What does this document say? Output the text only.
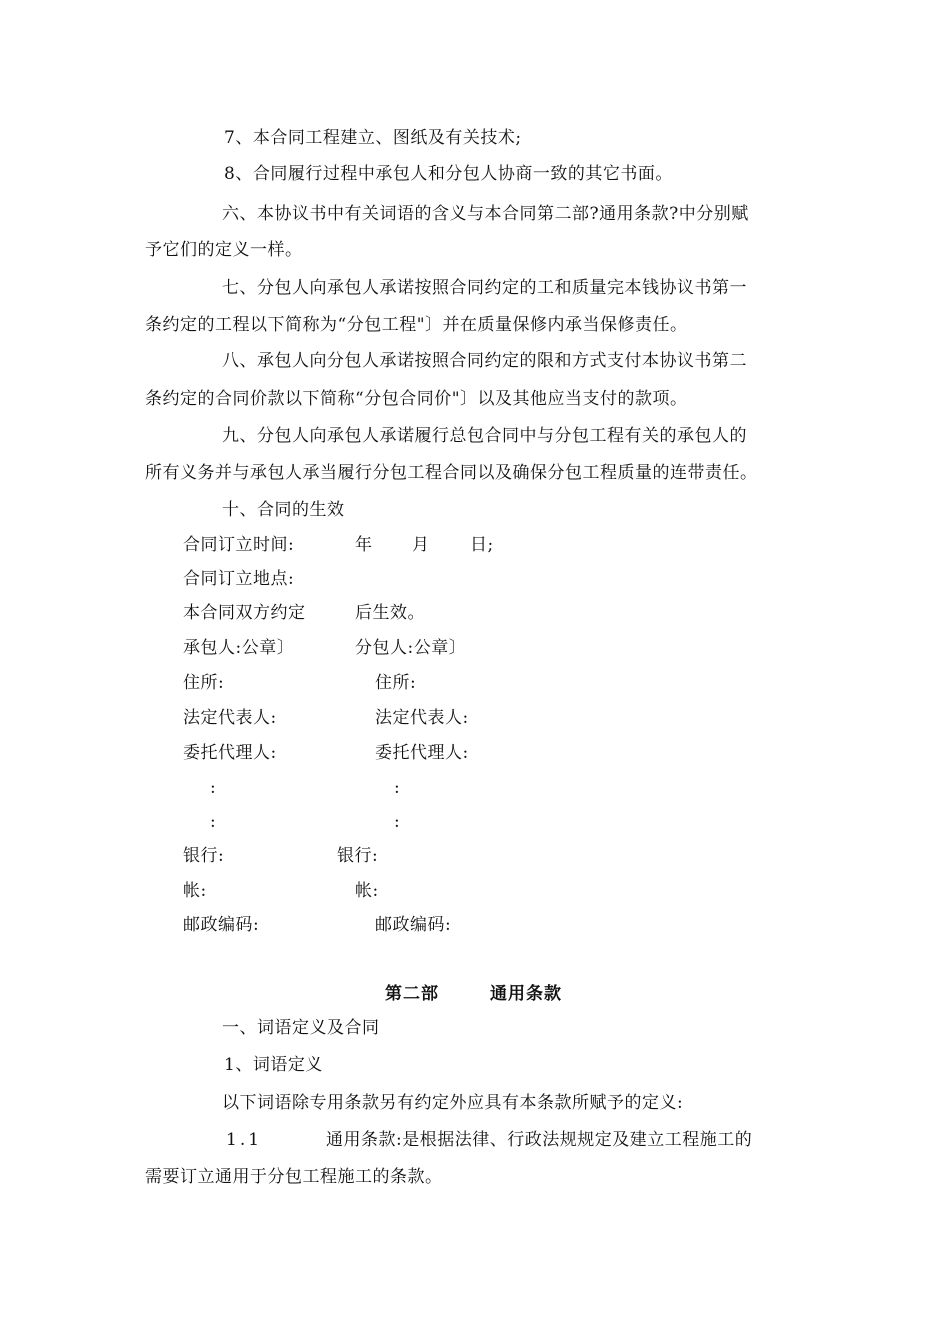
7、本合同工程建立、图纸及有关技术;
8、合同履行过程中承包人和分包人协商一致的其它书面。
六、本协议书中有关词语的含义与本合同第二部?通用条款?中分别赋
予它们的定义一样。
七、分包人向承包人承诺按照合同约定的工和质量完本钱协议书第一
条约定的工程以下简称为“分包工程"〕并在质量保修内承当保修责任。
八、承包人向分包人承诺按照合同约定的限和方式支付本协议书第二
条约定的合同价款以下简称“分包合同价"〕以及其他应当支付的款项。
九、分包人向承包人承诺履行总包合同中与分包工程有关的承包人的
所有义务并与承包人承当履行分包工程合同以及确保分包工程质量的连带责任。
十、合同的生效
合同订立时间:	年 月 日;
合同订立地点:
本合同双方约定	后生效。
承包人:公章〕	分包人:公章〕
住所:	住所:
法定代表人:	法定代表人:
委托代理人:	委托代理人:
:	:
:	:
银行:	银行:
帐:	帐:
邮政编码:	邮政编码:
第二部	通用条款
一、词语定义及合同
1、词语定义
以下词语除专用条款另有约定外应具有本条款所赋予的定义:
1.1	通用条款:是根据法律、行政法规规定及建立工程施工的
需要订立通用于分包工程施工的条款。
